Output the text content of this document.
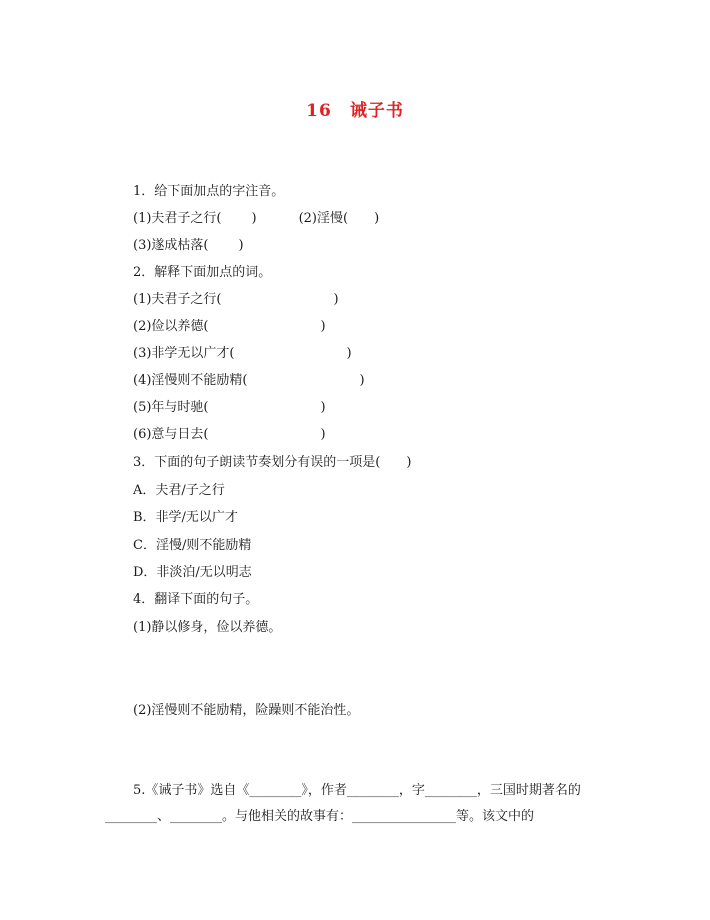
16 诫子书
1．给下面加点的字注音。
(1)夫君子之行( )	(2)淫慢( )
(3)遂成枯落( )
2．解释下面加点的词。
(1)夫君子之行(	)
(2)俭以养德(	)
(3)非学无以广才(	)
(4)淫慢则不能励精(	)
(5)年与时驰(	)
(6)意与日去(	)
3．下面的句子朗读节奏划分有误的一项是( )
A．夫君/子之行
B．非学/无以广才
C．淫慢/则不能励精
D．非淡泊/无以明志
4．翻译下面的句子。
(1)静以修身，俭以养德。
(2)淫慢则不能励精，险躁则不能治性。
5.《诫子书》选自《________》，作者________，字________，三国时期著名的
________、________。与他相关的故事有：________________等。该文中的
